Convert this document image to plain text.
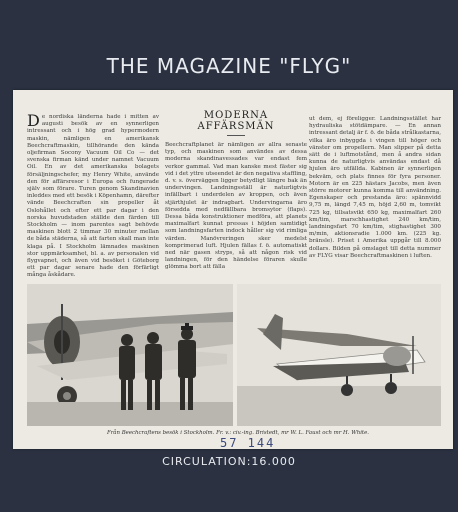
THE MAGAZINE "FLYG"
De nordiska länderna hade i mitten av augusti besök av en synnerligen intressant och i hög grad hypermodern maskin, nämligen en amerikansk Beechcraftmaskin, tillhörande den kända oljefirman Socony Vacuum Oil Co — det svenska firman känd under namnet Vacuum Oil. En av det amerikanska bolagets försäljningschefer, my Henry White, använde den för affärsresor i Europa och fungerade själv som förare. Turen genom Skandinavien inleddes med ett besök i Köpenhamn, därefter vände Beechcraften sin propeller åt Oslohållet och efter ett par dagar i den norska huvudstaden ställde den färden till Stockholm — inom parentes sagt behövde maskinen blott 2 timmar 30 minuter mellan de båda städerna, så att farten skall man inte klaga på. I Stockholm lämnades maskinen stor uppmärksamhet, bl. a. av personalen vid flygvapnet, och även vid besöket i Göteborg ett par dagar senare hade den förfärligt många åskådare.
MODERNA AFFÄRSMÄN
Beechcraftplanet är nämligen av allra senaste typ, och maskinen som användes av dessa moderna skandinavessades var endast fem verkor gammal. Vad man kanske mest fäster sig vid i det yttre utseendet är den negativa staffling, d. v. s. överväggen ligger betydligt längre bak än undervingen. Landningsställ är naturligtvis infällbart i underdelen av kroppen, och även stjärthjulet är indragbart. Undervingarna äro försedda med nedfällbara bromsytor (flaps). Dessa båda konstruktioner medföra, att planets maximalfart kunnat pressas i höjden samtidigt som landningsfarten indock håller sig vid rimliga värden. Manövreringen sker medelst komprimerad luft. Hjulen fällas f. ö. automatiskt ned när gasen stryps, så att någon risk vid landningen, för den händelse föraren skulle glömma bort att fälla
ut dem, ej föreligger. Landningsstället har hydrauliska stötdämpare. — En annan intressant detalj är f. ö. de båda strålkastarna, vilka äro inbyggda i vingen till höger och vänster om propellern. Man slipper på detta sätt de i luftmotstånd, men å andra sidan kunna de naturligtvis användas endast då hjulen äro utfällda. Kabinen är synnerligen bekväm, och plats finnes för fyra personer. Motorn är en 225 hästars Jacobs, men även större motorer kunna komma till användning. Egenskaper och prestanda äro: spännvidd 9,75 m, längd 7,45 m, höjd 2,60 m, tomvikt 725 kg, tillsatsvikt 650 kg, maximalfart 260 km/tim, marschhastighet 240 km/tim, landningsfart 70 km/tim, stighastighet 300 m/min, aktionsradie 1.000 km. (225 kg. bränsle). Priset i Amerika uppgår till 8.000 dollars. Bilden på omslaget till detta nummer av FLYG visar Beechcraftmaskinen i luften.
Från Beechcraftens besök i Stockholm. Fr. v.: civ.-ing. Bristedt, mr W. L. Faust och mr H. White.
57 144
CIRCULATION:16.000
